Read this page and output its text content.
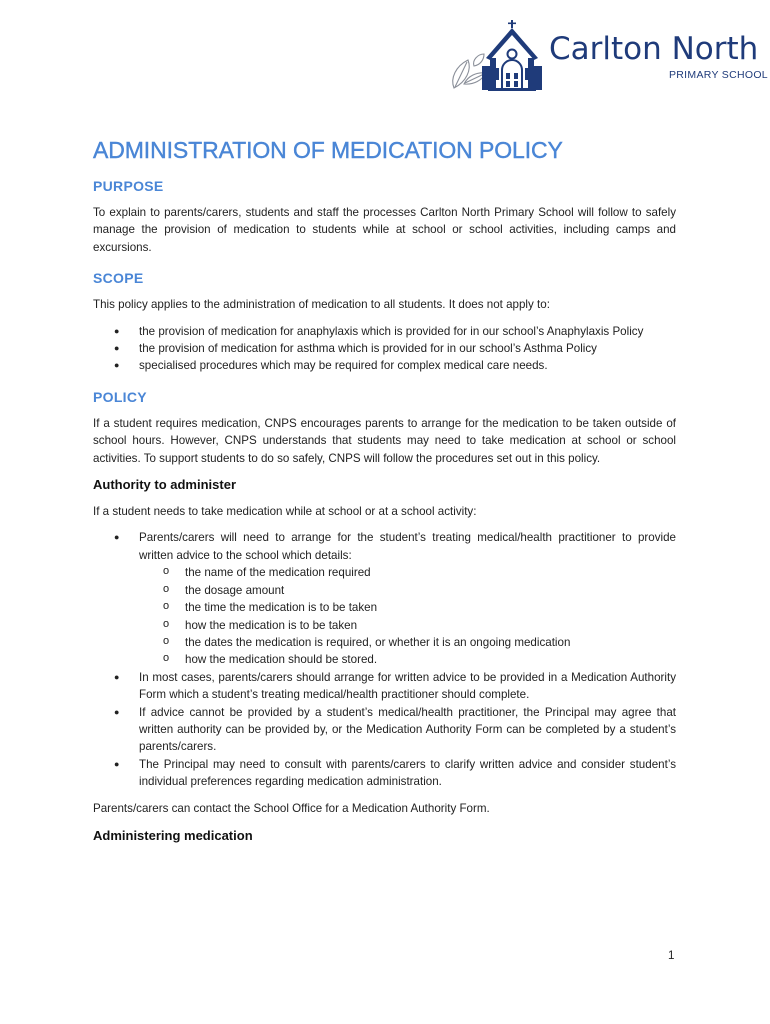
Carlton North
PRIMARY SCHOOL
ADMINISTRATION OF MEDICATION POLICY
PURPOSE

To explain to parents/carers, students and staff the processes Carlton North Primary School will follow to safely manage the provision of medication to students while at school or school activities, including camps and excursions.

SCOPE

This policy applies to the administration of medication to all students. It does not apply to:

● the provision of medication for anaphylaxis which is provided for in our school’s Anaphylaxis Policy
● the provision of medication for asthma which is provided for in our school’s Asthma Policy
● specialised procedures which may be required for complex medical care needs.
POLICY

If a student requires medication, CNPS encourages parents to arrange for the medication to be taken outside of school hours. However, CNPS understands that students may need to take medication at school or school activities. To support students to do so safely, CNPS will follow the procedures set out in this policy.

Authority to administer

If a student needs to take medication while at school or at a school activity:

● Parents/carers will need to arrange for the student’s treating medical/health practitioner to provide written advice to the school which details:
o the name of the medication required
o the dosage amount
o the time the medication is to be taken
o how the medication is to be taken
o the dates the medication is required, or whether it is an ongoing medication
o how the medication should be stored.
● In most cases, parents/carers should arrange for written advice to be provided in a Medication Authority Form which a student’s treating medical/health practitioner should complete.
● If advice cannot be provided by a student’s medical/health practitioner, the Principal may agree that written authority can be provided by, or the Medication Authority Form can be completed by a student’s parents/carers.
● The Principal may need to consult with parents/carers to clarify written advice and consider student’s individual preferences regarding medication administration.

Parents/carers can contact the School Office for a Medication Authority Form.

Administering medication
1
